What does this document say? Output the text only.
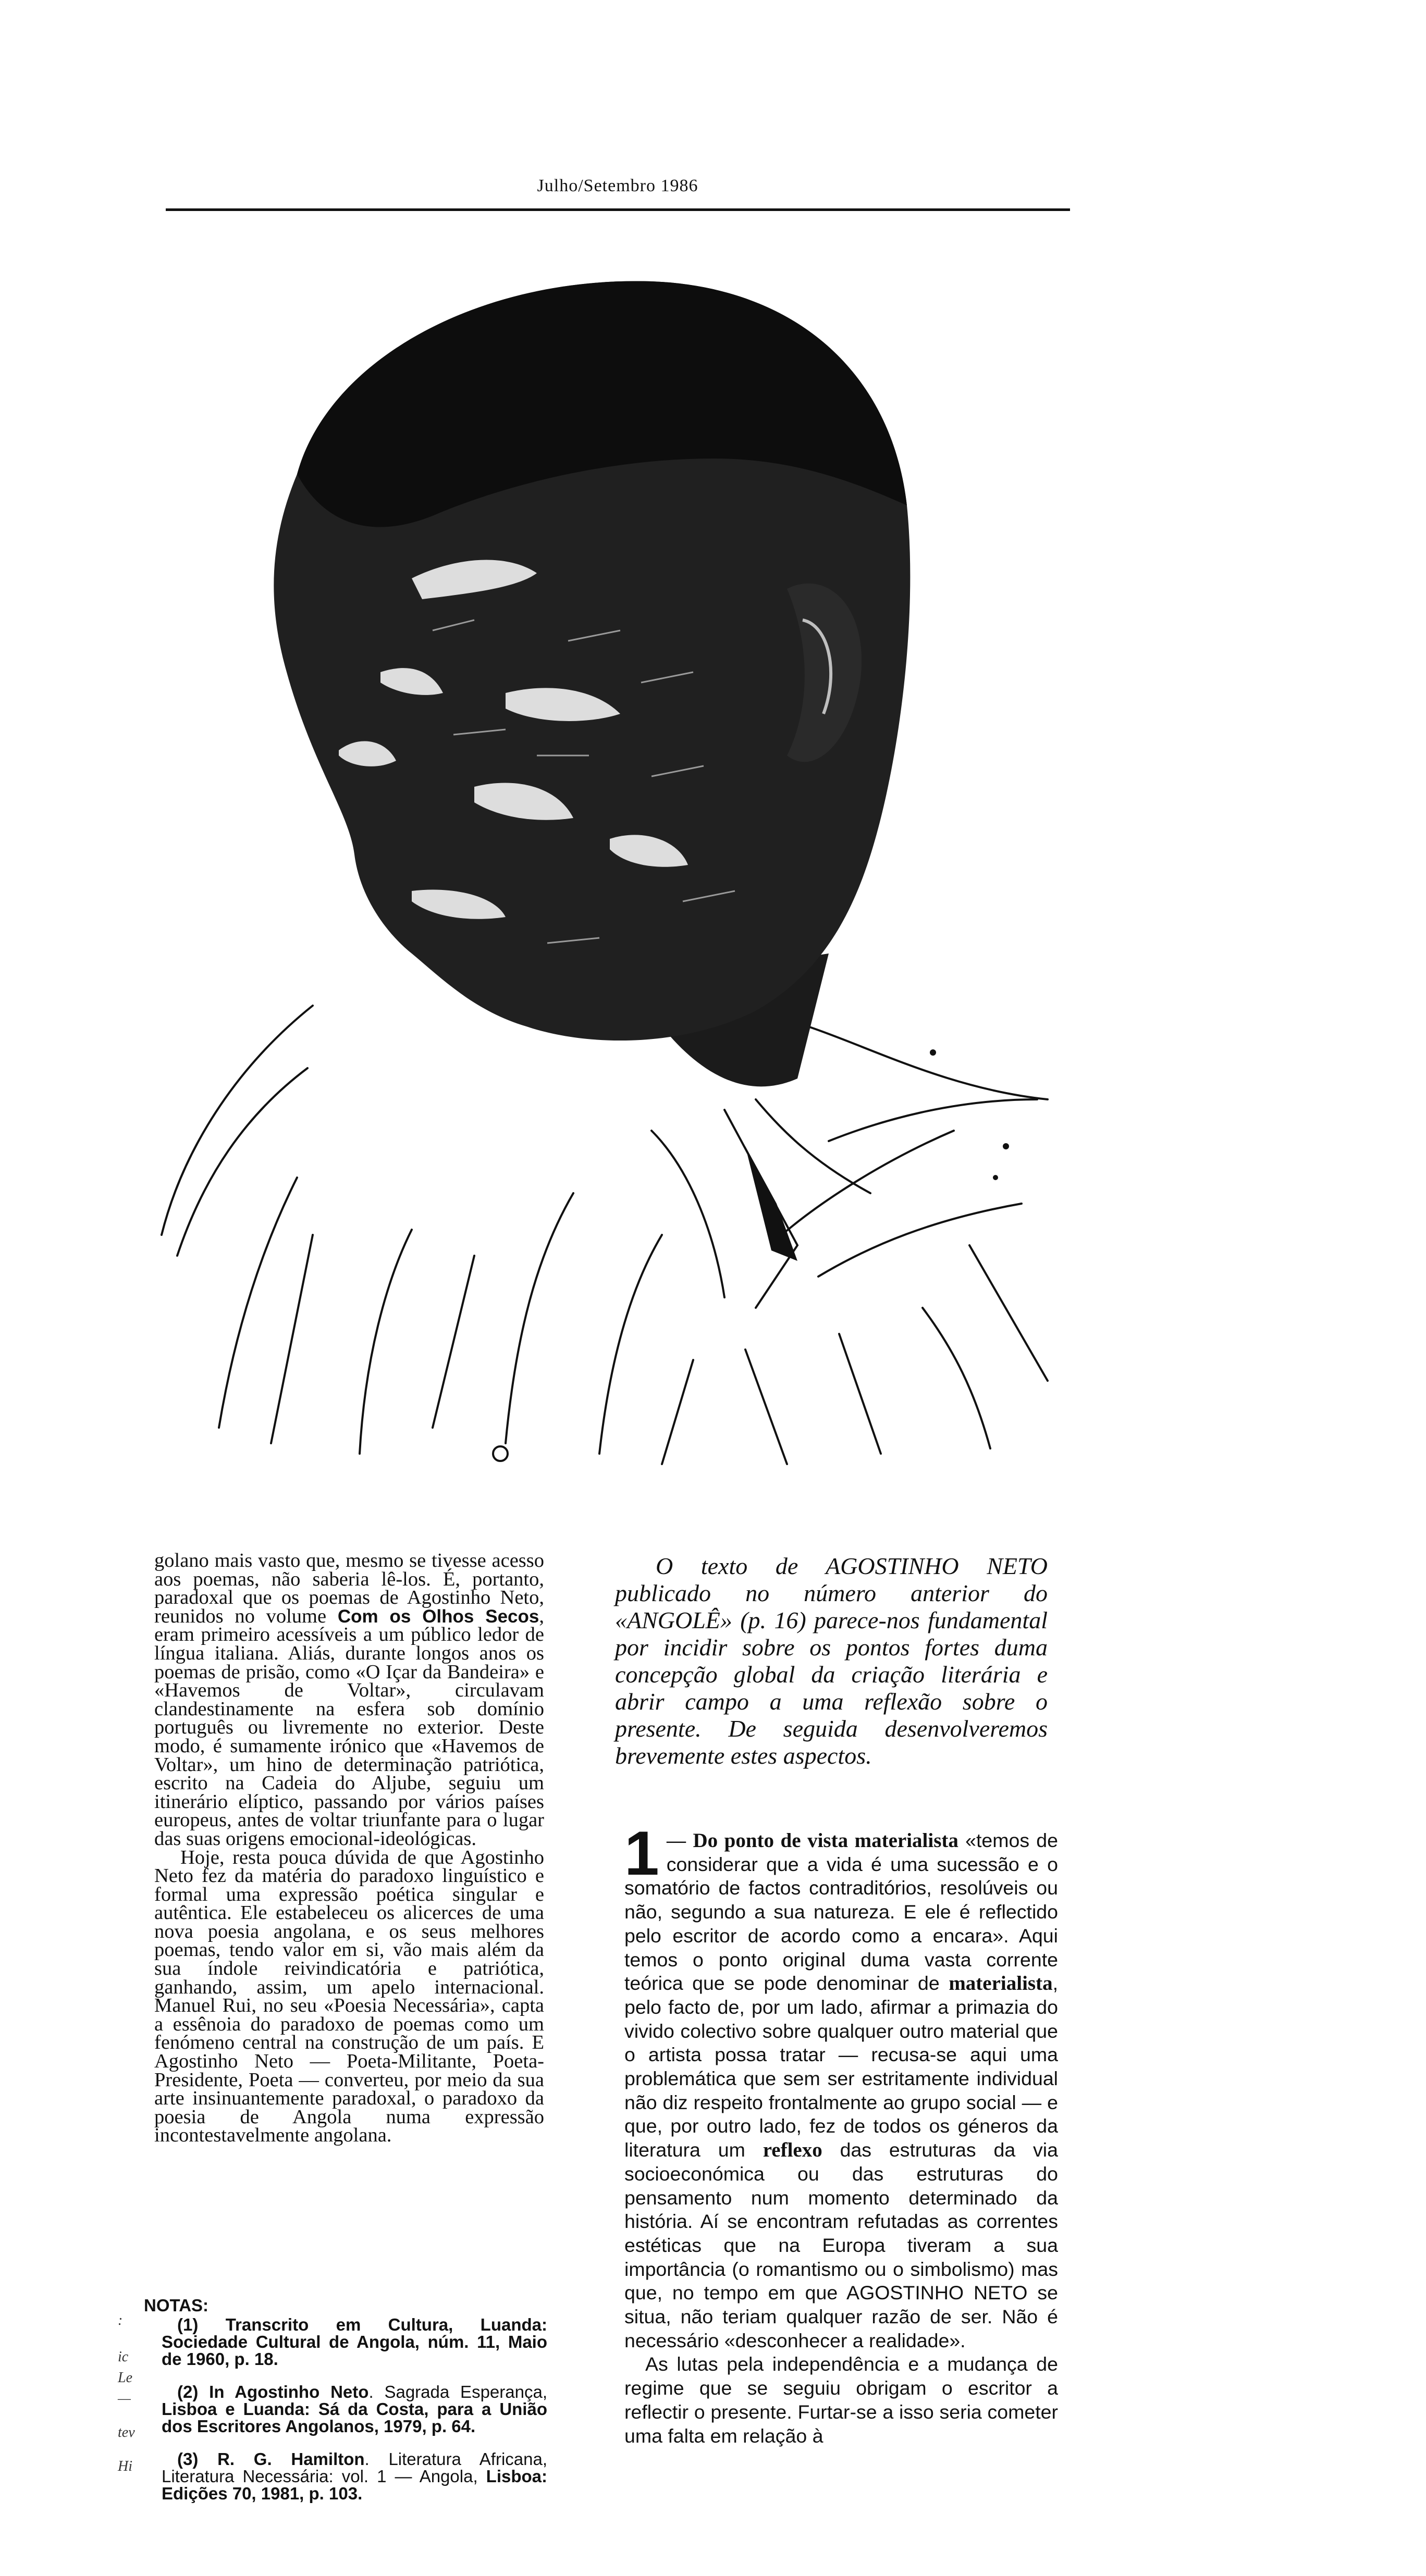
Julho/Setembro 1986

golano mais vasto que, mesmo se tivesse acesso aos poemas, não saberia lê-los. É, portanto, paradoxal que os poemas de Agostinho Neto, reunidos no volume Com os Olhos Secos, eram primeiro acessíveis a um público ledor de língua italiana. Aliás, durante longos anos os poemas de prisão, como «O Içar da Bandeira» e «Havemos de Voltar», circulavam clandestinamente na esfera sob domínio português ou livremente no exterior. Deste modo, é sumamente irónico que «Havemos de Voltar», um hino de determinação patriótica, escrito na Cadeia do Aljube, seguiu um itinerário elíptico, passando por vários países europeus, antes de voltar triunfante para o lugar das suas origens emocional-ideológicas.

Hoje, resta pouca dúvida de que Agostinho Neto fez da matéria do paradoxo linguístico e formal uma expressão poética singular e autêntica. Ele estabeleceu os alicerces de uma nova poesia angolana, e os seus melhores poemas, tendo valor em si, vão mais além da sua índole reivindicatória e patriótica, ganhando, assim, um apelo internacional. Manuel Rui, no seu «Poesia Necessária», capta a essênoia do paradoxo de poemas como um fenómeno central na construção de um país. E Agostinho Neto — Poeta-Militante, Poeta-Presidente, Poeta — converteu, por meio da sua arte insinuantemente paradoxal, o paradoxo da poesia de Angola numa expressão incontestavelmente angolana.

NOTAS:
(1) Transcrito em Cultura, Luanda: Sociedade Cultural de Angola, núm. 11, Maio de 1960, p. 18.
(2) In Agostinho Neto. Sagrada Esperança, Lisboa e Luanda: Sá da Costa, para a União dos Escritores Angolanos, 1979, p. 64.
(3) R. G. Hamilton. Literatura Africana, Literatura Necessária: vol. 1 — Angola, Lisboa: Edições 70, 1981, p. 103.
O texto de AGOSTINHO NETO publicado no número anterior do «ANGOLÊ» (p. 16) parece-nos fundamental por incidir sobre os pontos fortes duma concepção global da criação literária e abrir campo a uma reflexão sobre o presente. De seguida desenvolveremos brevemente estes aspectos.
1 — Do ponto de vista materialista «temos de considerar que a vida é uma sucessão e o somatório de factos contraditórios, resolúveis ou não, segundo a sua natureza. E ele é reflectido pelo escritor de acordo como a encara». Aqui temos o ponto original duma vasta corrente teórica que se pode denominar de materialista, pelo facto de, por um lado, afirmar a primazia do vivido colectivo sobre qualquer outro material que o artista possa tratar — recusa-se aqui uma problemática que sem ser estritamente individual não diz respeito frontalmente ao grupo social — e que, por outro lado, fez de todos os géneros da literatura um reflexo das estruturas da via socioeconómica ou das estruturas do pensamento num momento determinado da história. Aí se encontram refutadas as correntes estéticas que na Europa tiveram a sua importância (o romantismo ou o simbolismo) mas que, no tempo em que AGOSTINHO NETO se situa, não teriam qualquer razão de ser. Não é necessário «desconhecer a realidade».

As lutas pela independência e a mudança de regime que se seguiu obrigam o escritor a reflectir o presente. Furtar-se a isso seria cometer uma falta em relação à

:
ic
Le
—
tev
Hi
